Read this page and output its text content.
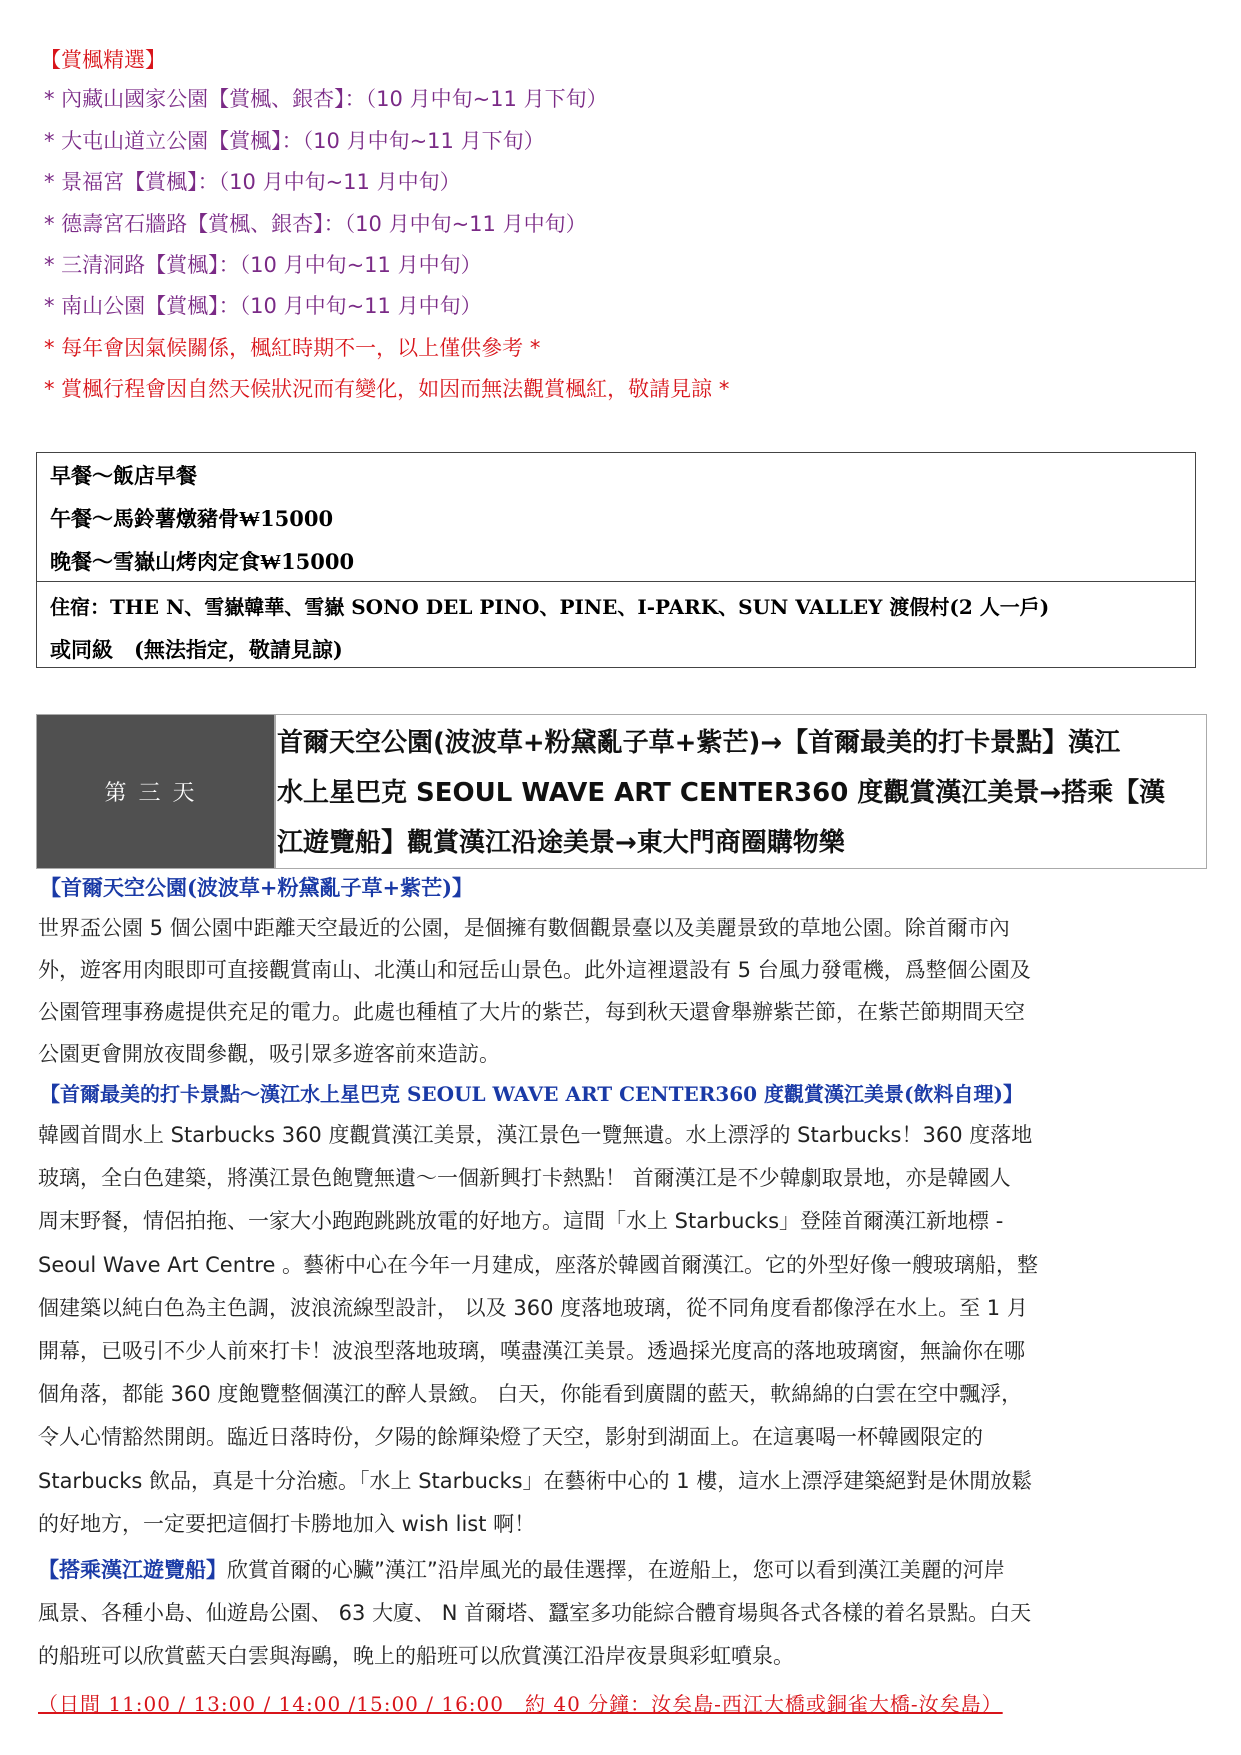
【賞楓精選】
* 內藏山國家公園【賞楓、銀杏】：（10 月中旬~11 月下旬）
* 大屯山道立公園【賞楓】：（10 月中旬~11 月下旬）
* 景福宮【賞楓】：（10 月中旬~11 月中旬）
* 德壽宮石牆路【賞楓、銀杏】：（10 月中旬~11 月中旬）
* 三清洞路【賞楓】：（10 月中旬~11 月中旬）
* 南山公園【賞楓】：（10 月中旬~11 月中旬）
* 每年會因氣候關係，楓紅時期不一，以上僅供參考 *
* 賞楓行程會因自然天候狀況而有變化，如因而無法觀賞楓紅，敬請見諒 *
早餐～飯店早餐
午餐～馬鈴薯燉豬骨₩15000
晚餐～雪嶽山烤肉定食₩15000
住宿：THE N、雪嶽韓華、雪嶽 SONO DEL PINO、PINE、I-PARK、SUN VALLEY 渡假村(2 人一戶)
或同級　(無法指定，敬請見諒)
第三天
首爾天空公園(波波草+粉黛亂子草+紫芒)→【首爾最美的打卡景點】漢江
水上星巴克 SEOUL WAVE ART CENTER360 度觀賞漢江美景→搭乘【漢
江遊覽船】觀賞漢江沿途美景→東大門商圈購物樂
【首爾天空公園(波波草+粉黛亂子草+紫芒)】
世界盃公園 5 個公園中距離天空最近的公園，是個擁有數個觀景臺以及美麗景致的草地公園。除首爾市內
外，遊客用肉眼即可直接觀賞南山、北漢山和冠岳山景色。此外這裡還設有 5 台風力發電機，爲整個公園及
公園管理事務處提供充足的電力。此處也種植了大片的紫芒，每到秋天還會舉辦紫芒節，在紫芒節期間天空
公園更會開放夜間參觀，吸引眾多遊客前來造訪。
【首爾最美的打卡景點～漢江水上星巴克 SEOUL WAVE ART CENTER360 度觀賞漢江美景(飲料自理)】
韓國首間水上 Starbucks 360 度觀賞漢江美景，漢江景色一覽無遺。水上漂浮的 Starbucks！360 度落地
玻璃，全白色建築，將漢江景色飽覽無遺～一個新興打卡熱點！ 首爾漢江是不少韓劇取景地，亦是韓國人
周末野餐，情侶拍拖、一家大小跑跑跳跳放電的好地方。這間「水上 Starbucks」登陸首爾漢江新地標 -
Seoul Wave Art Centre 。藝術中心在今年一月建成，座落於韓國首爾漢江。它的外型好像一艘玻璃船，整
個建築以純白色為主色調，波浪流線型設計， 以及 360 度落地玻璃，從不同角度看都像浮在水上。至 1 月
開幕，已吸引不少人前來打卡！波浪型落地玻璃，嘆盡漢江美景。透過採光度高的落地玻璃窗，無論你在哪
個角落，都能 360 度飽覽整個漢江的醉人景緻。 白天，你能看到廣闊的藍天，軟綿綿的白雲在空中飄浮，
令人心情豁然開朗。臨近日落時份，夕陽的餘輝染燈了天空，影射到湖面上。在這裏喝一杯韓國限定的
Starbucks 飲品，真是十分治癒。「水上 Starbucks」在藝術中心的 1 樓，這水上漂浮建築絕對是休閒放鬆
的好地方，一定要把這個打卡勝地加入 wish list 啊！
【搭乘漢江遊覽船】欣賞首爾的心臟”漢江”沿岸風光的最佳選擇，在遊船上，您可以看到漢江美麗的河岸
風景、各種小島、仙遊島公園、 63 大廈、 N 首爾塔、蠶室多功能綜合體育場與各式各樣的着名景點。白天
的船班可以欣賞藍天白雲與海鷗，晚上的船班可以欣賞漢江沿岸夜景與彩虹噴泉。
（日間 11:00 / 13:00 / 14:00 /15:00 / 16:00　約 40 分鐘：汝矣島-西江大橋或銅雀大橋-汝矣島）
